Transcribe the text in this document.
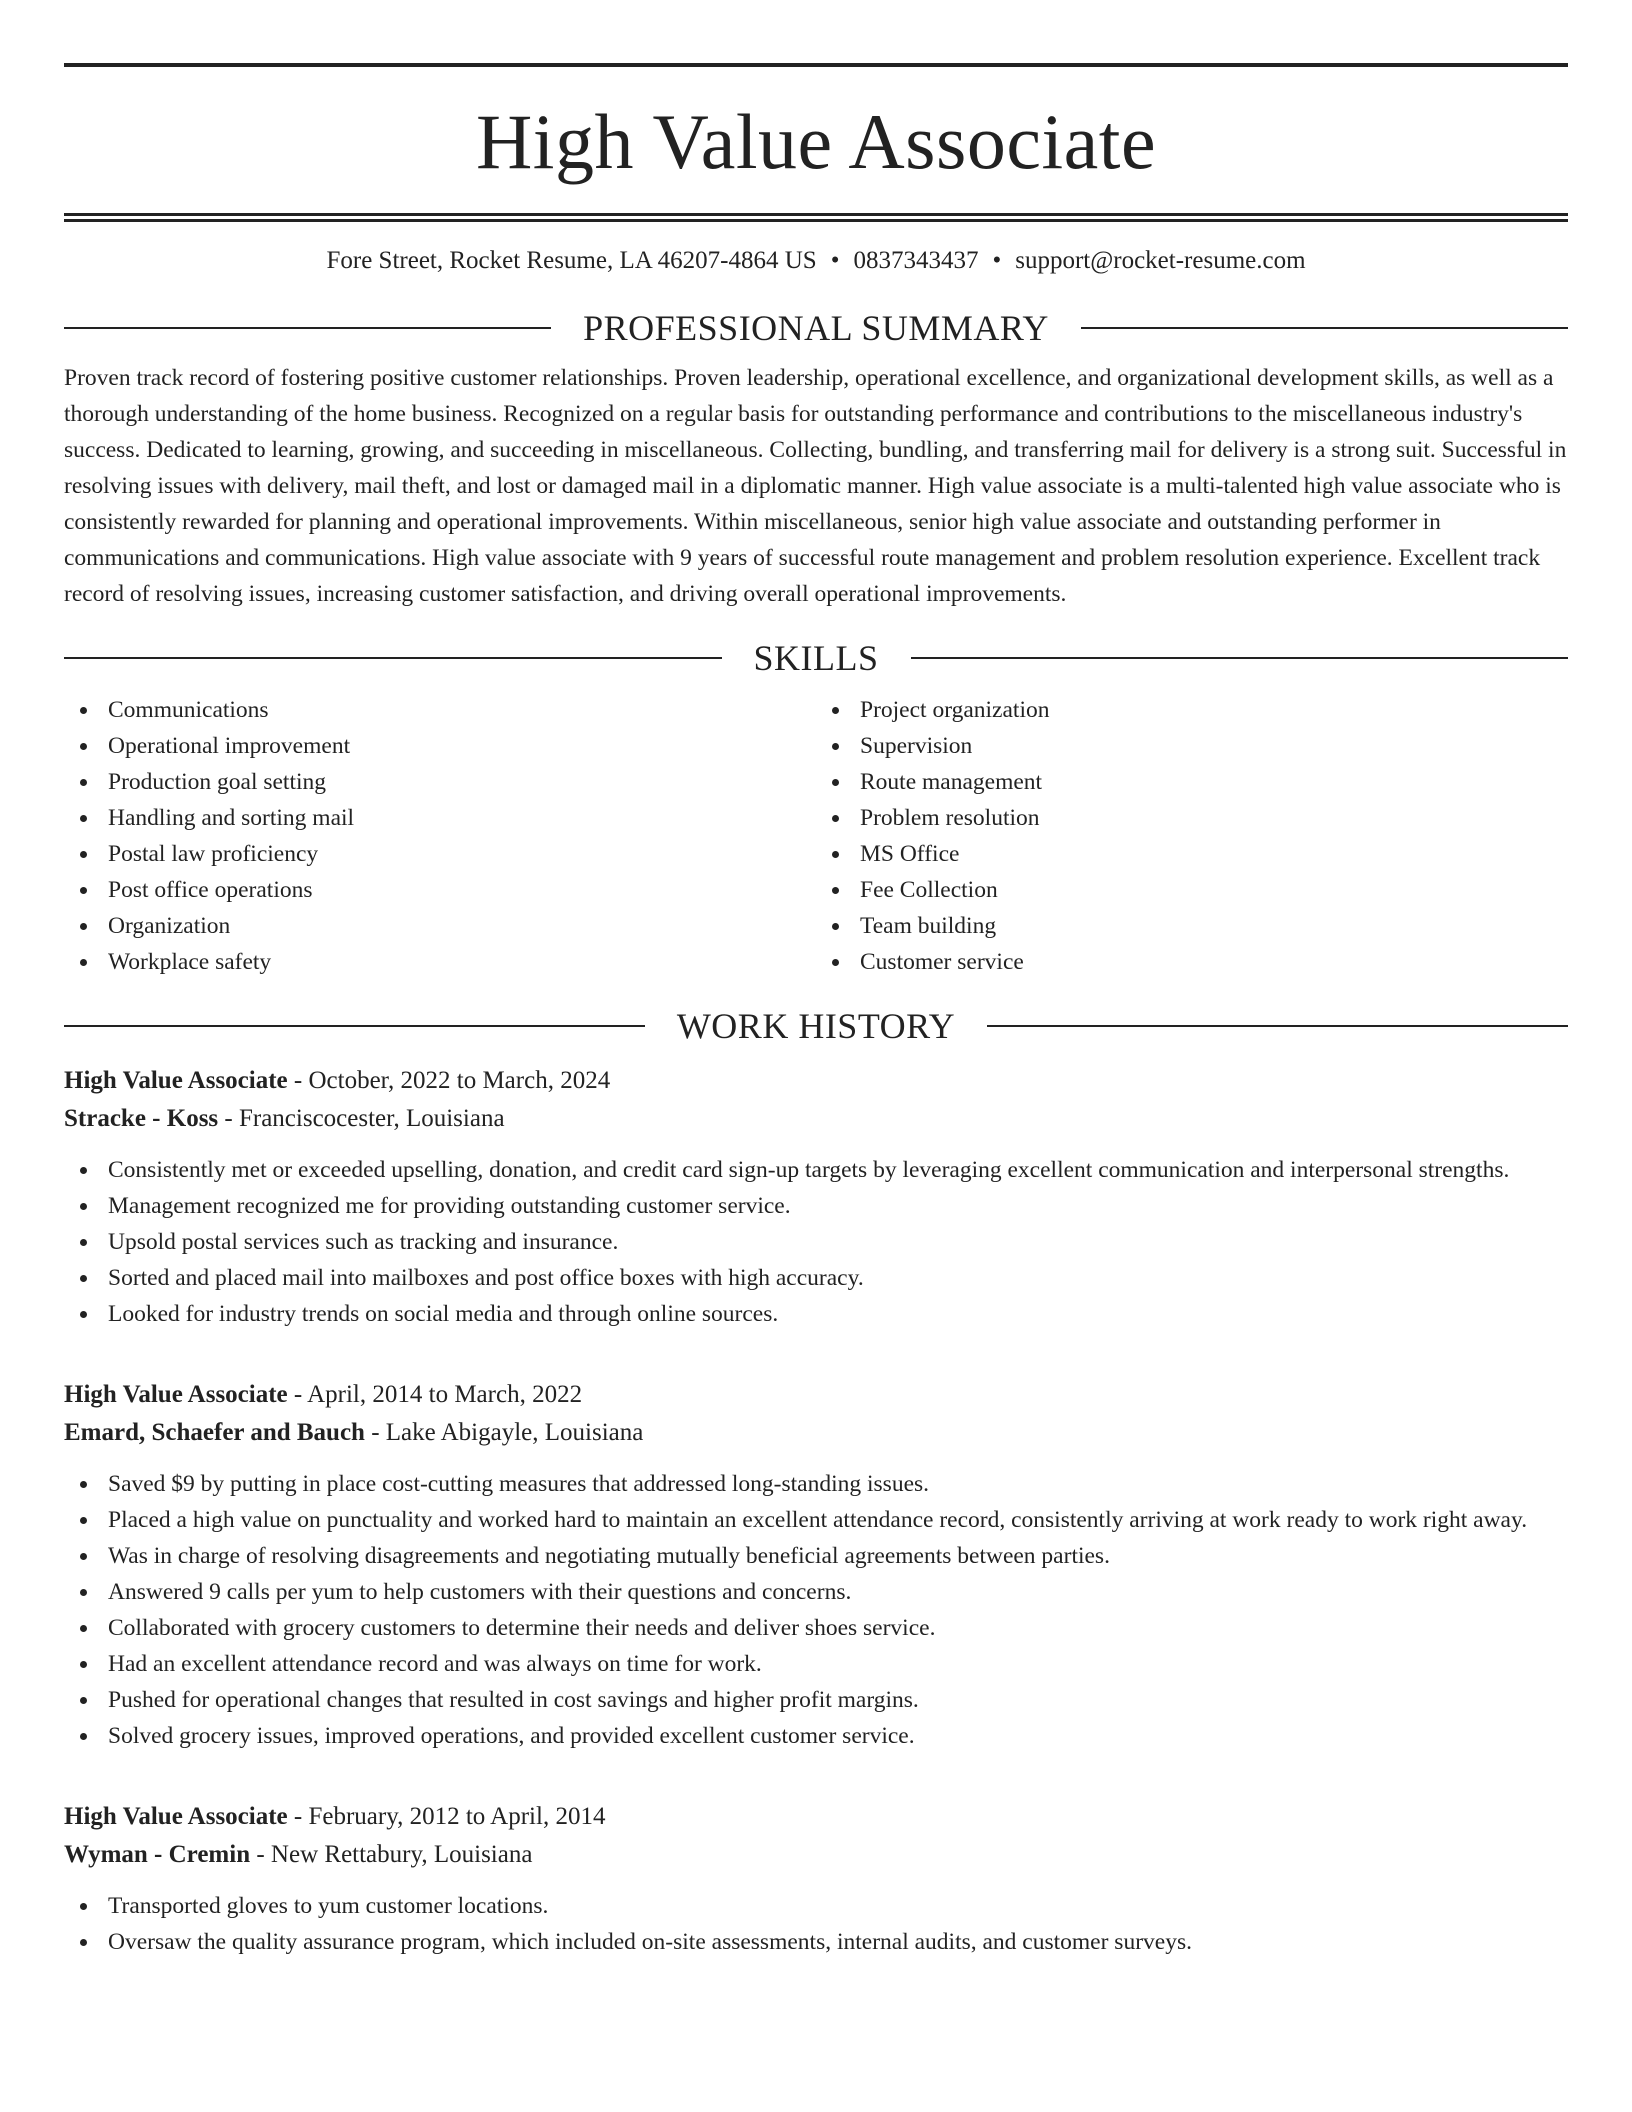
High Value Associate
Fore Street, Rocket Resume, LA 46207-4864 US • 0837343437 • support@rocket-resume.com
PROFESSIONAL SUMMARY

Proven track record of fostering positive customer relationships. Proven leadership, operational excellence, and organizational development skills, as well as a thorough understanding of the home business. Recognized on a regular basis for outstanding performance and contributions to the miscellaneous industry's success. Dedicated to learning, growing, and succeeding in miscellaneous. Collecting, bundling, and transferring mail for delivery is a strong suit. Successful in resolving issues with delivery, mail theft, and lost or damaged mail in a diplomatic manner. High value associate is a multi-talented high value associate who is consistently rewarded for planning and operational improvements. Within miscellaneous, senior high value associate and outstanding performer in communications and communications. High value associate with 9 years of successful route management and problem resolution experience. Excellent track record of resolving issues, increasing customer satisfaction, and driving overall operational improvements.

SKILLS
Communications
Operational improvement
Production goal setting
Handling and sorting mail
Postal law proficiency
Post office operations
Organization
Workplace safety
Project organization
Supervision
Route management
Problem resolution
MS Office
Fee Collection
Team building
Customer service
WORK HISTORY
High Value Associate - October, 2022 to March, 2024
Stracke - Koss - Franciscocester, Louisiana
Consistently met or exceeded upselling, donation, and credit card sign-up targets by leveraging excellent communication and interpersonal strengths.
Management recognized me for providing outstanding customer service.
Upsold postal services such as tracking and insurance.
Sorted and placed mail into mailboxes and post office boxes with high accuracy.
Looked for industry trends on social media and through online sources.
High Value Associate - April, 2014 to March, 2022
Emard, Schaefer and Bauch - Lake Abigayle, Louisiana
Saved $9 by putting in place cost-cutting measures that addressed long-standing issues.
Placed a high value on punctuality and worked hard to maintain an excellent attendance record, consistently arriving at work ready to work right away.
Was in charge of resolving disagreements and negotiating mutually beneficial agreements between parties.
Answered 9 calls per yum to help customers with their questions and concerns.
Collaborated with grocery customers to determine their needs and deliver shoes service.
Had an excellent attendance record and was always on time for work.
Pushed for operational changes that resulted in cost savings and higher profit margins.
Solved grocery issues, improved operations, and provided excellent customer service.
High Value Associate - February, 2012 to April, 2014
Wyman - Cremin - New Rettabury, Louisiana
Transported gloves to yum customer locations.
Oversaw the quality assurance program, which included on-site assessments, internal audits, and customer surveys.
